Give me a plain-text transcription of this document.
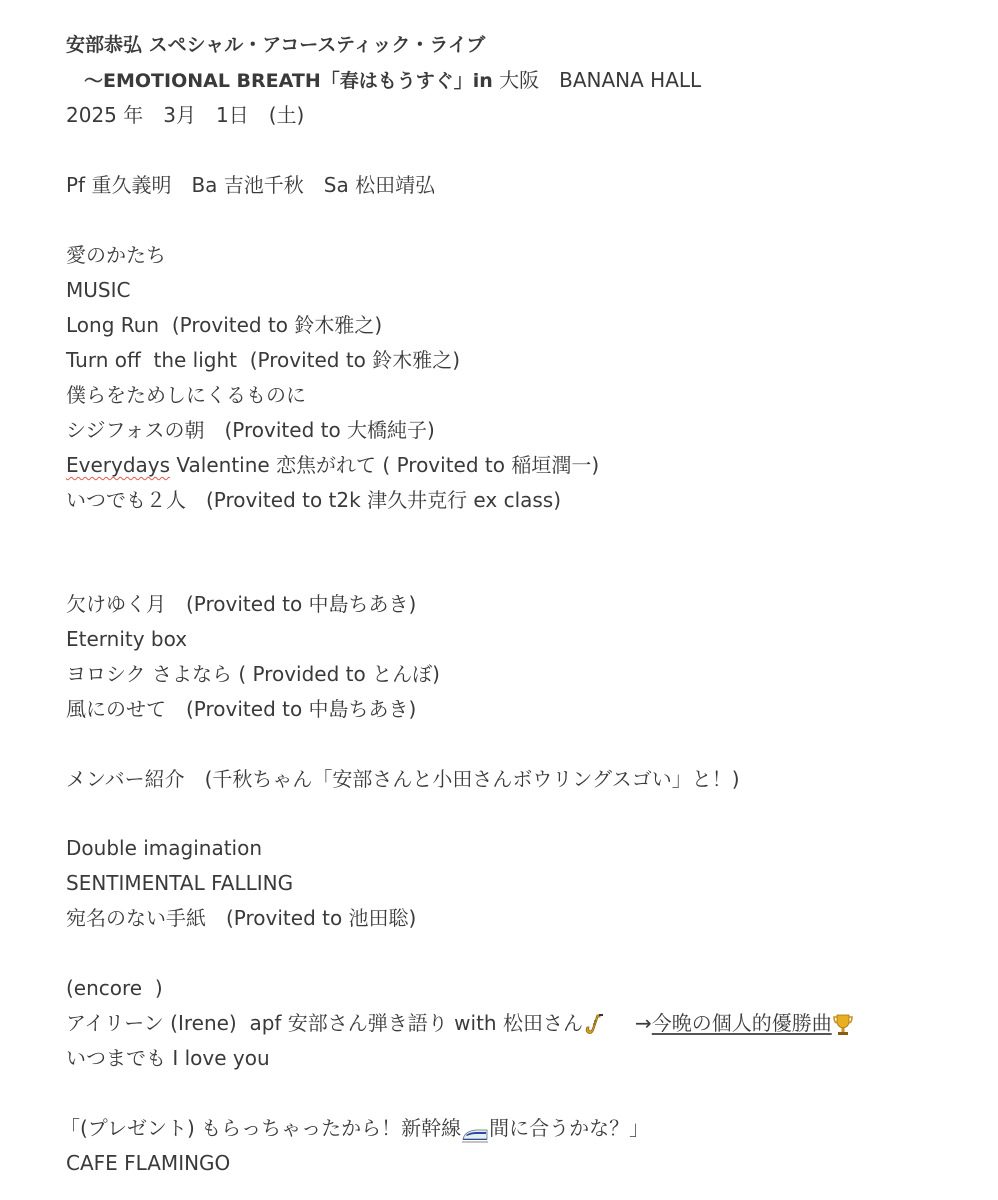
安部恭弘 スペシャル・アコースティック・ライブ
〜EMOTIONAL BREATH「春はもうすぐ」in 大阪　BANANA HALL
2025 年　3月　1日　(土)
Pf 重久義明　Ba 吉池千秋　Sa 松田靖弘
愛のかたち
MUSIC
Long Run  (Provited to 鈴木雅之)
Turn off  the light  (Provited to 鈴木雅之)
僕らをためしにくるものに
シジフォスの朝　(Provited to 大橋純子)
Everydays Valentine 恋焦がれて ( Provited to 稲垣潤一)
いつでも２人　(Provited to t2k 津久井克行 ex class)
欠けゆく月　(Provited to 中島ちあき)
Eternity box
ヨロシク さよなら ( Provided to とんぼ)
風にのせて　(Provited to 中島ちあき)
メンバー紹介　(千秋ちゃん「安部さんと小田さんボウリングスゴい」と！)
Double imagination
SENTIMENTAL FALLING
宛名のない手紙　(Provited to 池田聡)
(encore  )
アイリーン (Irene)  apf 安部さん弾き語り with 松田さん	→今晩の個人的優勝曲
いつまでも I love you
「(プレゼント) もらっちゃったから！新幹線 間に合うかな？」
CAFE FLAMINGO
